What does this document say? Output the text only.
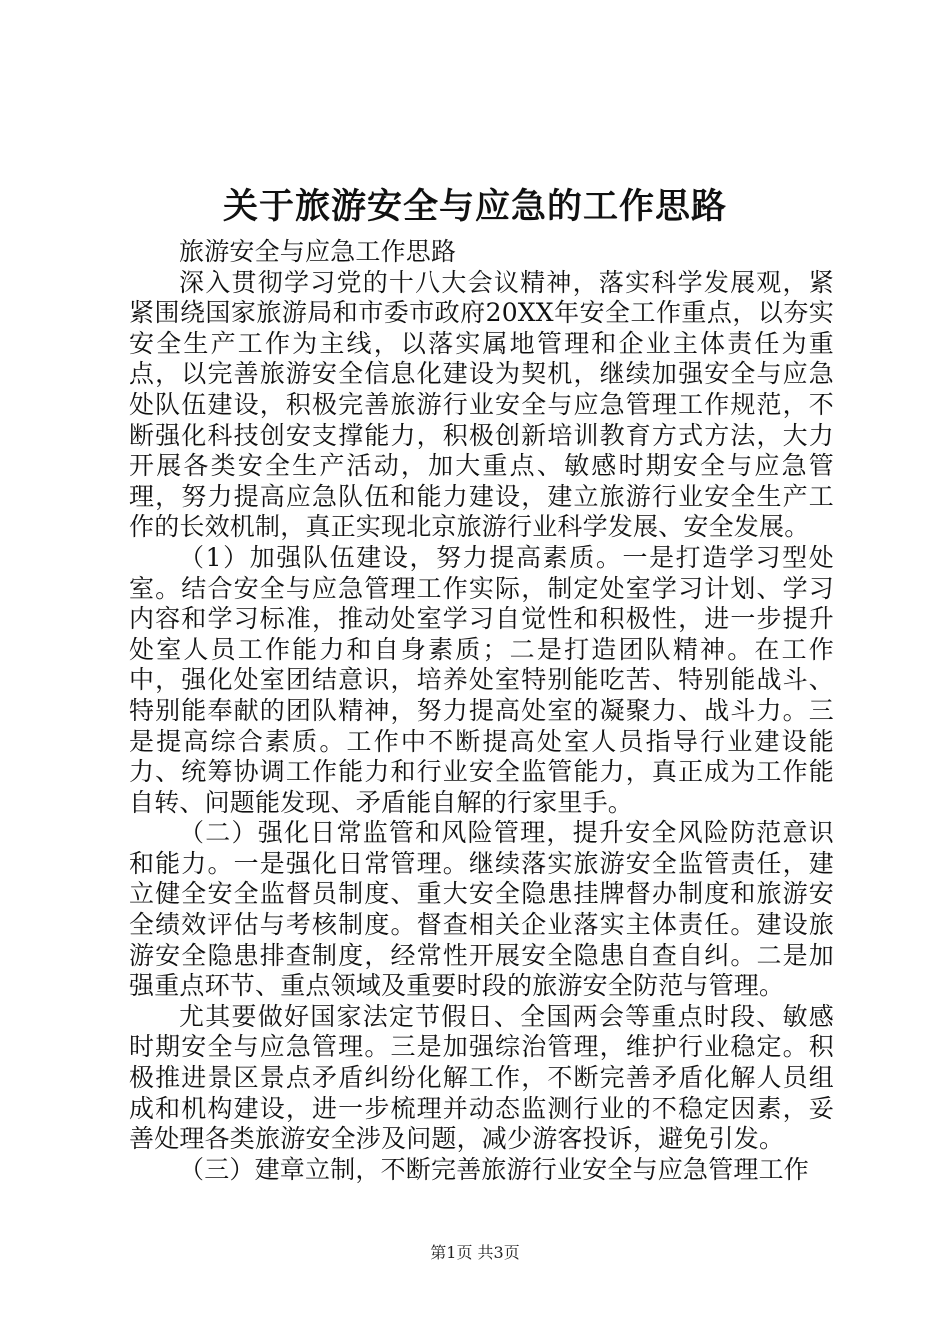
关于旅游安全与应急的工作思路

旅游安全与应急工作思路

深入贯彻学习党的十八大会议精神，落实科学发展观，紧紧围绕国家旅游局和市委市政府20XX年安全工作重点，以夯实安全生产工作为主线，以落实属地管理和企业主体责任为重点，以完善旅游安全信息化建设为契机，继续加强安全与应急处队伍建设，积极完善旅游行业安全与应急管理工作规范，不断强化科技创安支撑能力，积极创新培训教育方式方法，大力开展各类安全生产活动，加大重点、敏感时期安全与应急管理，努力提高应急队伍和能力建设，建立旅游行业安全生产工作的长效机制，真正实现北京旅游行业科学发展、安全发展。

（1）加强队伍建设，努力提高素质。一是打造学习型处室。结合安全与应急管理工作实际，制定处室学习计划、学习内容和学习标准，推动处室学习自觉性和积极性，进一步提升处室人员工作能力和自身素质；二是打造团队精神。在工作中，强化处室团结意识，培养处室特别能吃苦、特别能战斗、特别能奉献的团队精神，努力提高处室的凝聚力、战斗力。三是提高综合素质。工作中不断提高处室人员指导行业建设能力、统筹协调工作能力和行业安全监管能力，真正成为工作能自转、问题能发现、矛盾能自解的行家里手。

（二）强化日常监管和风险管理，提升安全风险防范意识和能力。一是强化日常管理。继续落实旅游安全监管责任，建立健全安全监督员制度、重大安全隐患挂牌督办制度和旅游安全绩效评估与考核制度。督查相关企业落实主体责任。建设旅游安全隐患排查制度，经常性开展安全隐患自查自纠。二是加强重点环节、重点领域及重要时段的旅游安全防范与管理。

尤其要做好国家法定节假日、全国两会等重点时段、敏感时期安全与应急管理。三是加强综治管理，维护行业稳定。积极推进景区景点矛盾纠纷化解工作，不断完善矛盾化解人员组成和机构建设，进一步梳理并动态监测行业的不稳定因素，妥善处理各类旅游安全涉及问题，减少游客投诉，避免引发。

（三）建章立制，不断完善旅游行业安全与应急管理工作

第1页 共3页
